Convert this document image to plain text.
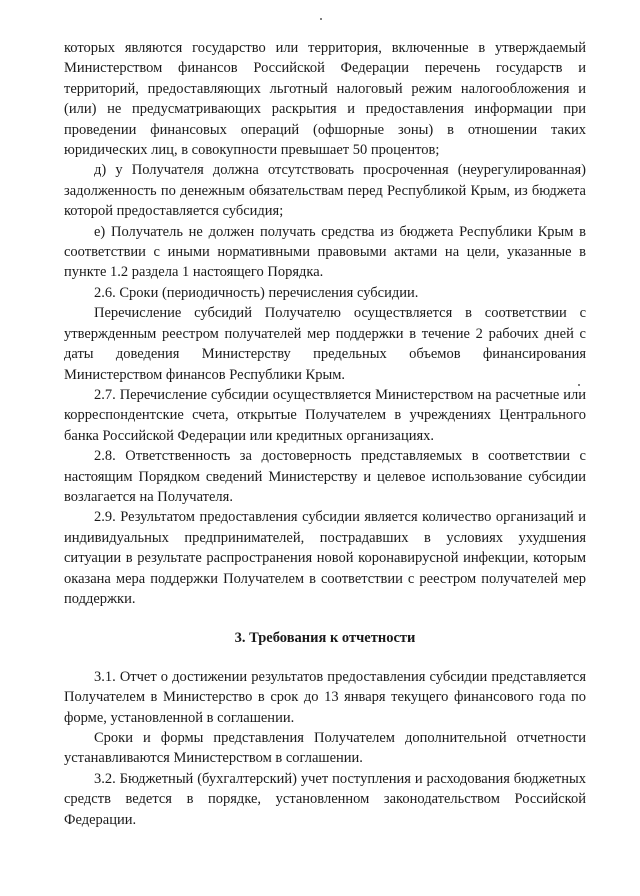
которых являются государство или территория, включенные в утверждаемый Министерством финансов Российской Федерации перечень государств и территорий, предоставляющих льготный налоговый режим налогообложения и (или) не предусматривающих раскрытия и предоставления информации при проведении финансовых операций (офшорные зоны) в отношении таких юридических лиц, в совокупности превышает 50 процентов;

д) у Получателя должна отсутствовать просроченная (неурегулированная) задолженность по денежным обязательствам перед Республикой Крым, из бюджета которой предоставляется субсидия;

е) Получатель не должен получать средства из бюджета Республики Крым в соответствии с иными нормативными правовыми актами на цели, указанные в пункте 1.2 раздела 1 настоящего Порядка.

2.6. Сроки (периодичность) перечисления субсидии.

Перечисление субсидий Получателю осуществляется в соответствии с утвержденным реестром получателей мер поддержки в течение 2 рабочих дней с даты доведения Министерству предельных объемов финансирования Министерством финансов Республики Крым.

2.7. Перечисление субсидии осуществляется Министерством на расчетные или корреспондентские счета, открытые Получателем в учреждениях Центрального банка Российской Федерации или кредитных организациях.

2.8. Ответственность за достоверность представляемых в соответствии с настоящим Порядком сведений Министерству и целевое использование субсидии возлагается на Получателя.

2.9. Результатом предоставления субсидии является количество организаций и индивидуальных предпринимателей, пострадавших в условиях ухудшения ситуации в результате распространения новой коронавирусной инфекции, которым оказана мера поддержки Получателем в соответствии с реестром получателей мер поддержки.

3. Требования к отчетности

3.1. Отчет о достижении результатов предоставления субсидии представляется Получателем в Министерство в срок до 13 января текущего финансового года по форме, установленной в соглашении.

Сроки и формы представления Получателем дополнительной отчетности устанавливаются Министерством в соглашении.

3.2. Бюджетный (бухгалтерский) учет поступления и расходования бюджетных средств ведется в порядке, установленном законодательством Российской Федерации.
